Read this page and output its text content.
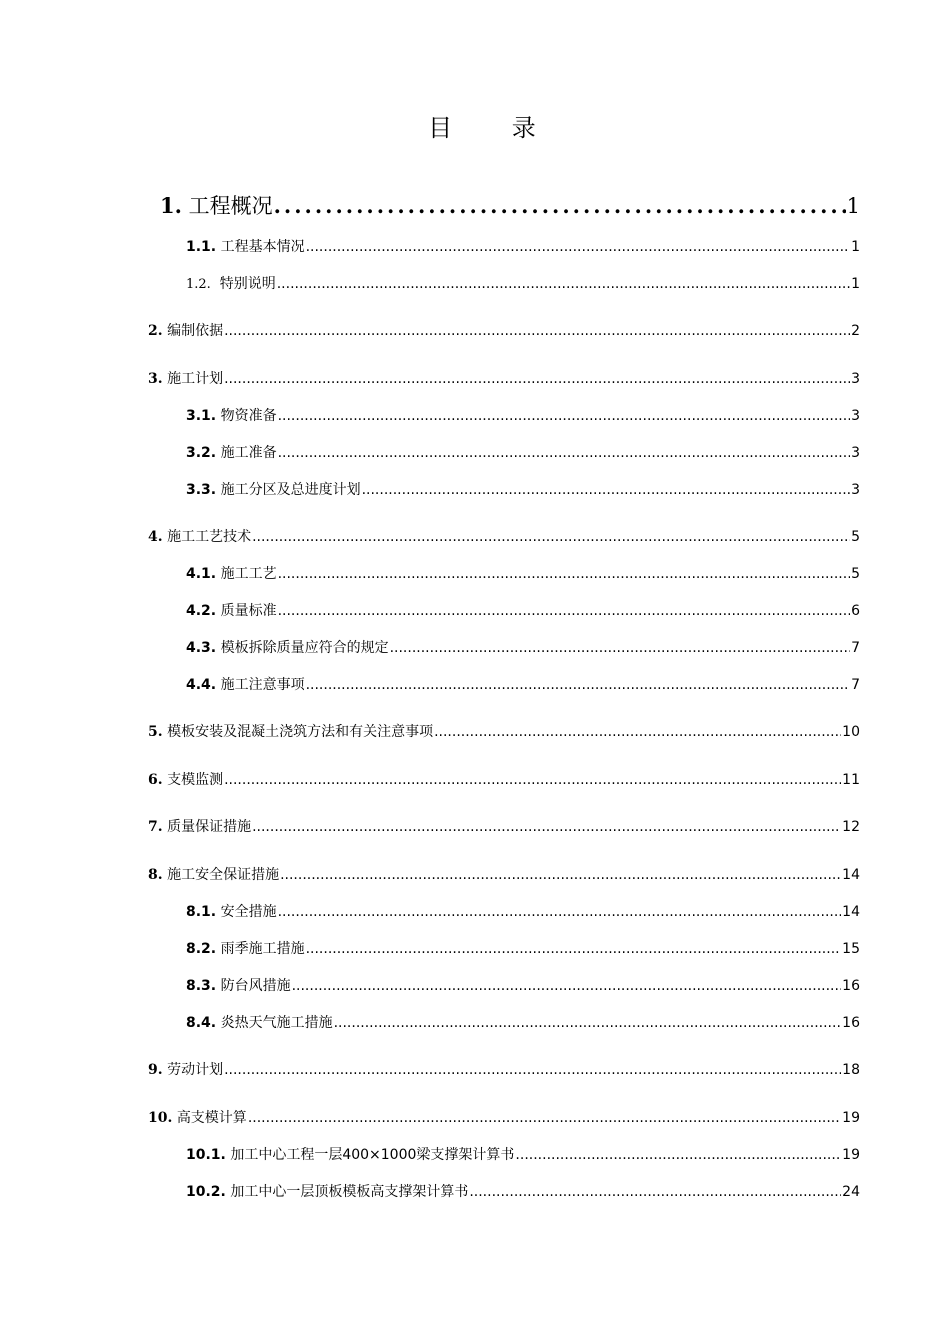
目 录
1. 工程概况 .....	1
1.1. 工程基本情况 .....	1
1.2. 特别说明 .....	1
2. 编制依据 .....	2
3. 施工计划 .....	3
3.1. 物资准备 .....	3
3.2. 施工准备 .....	3
3.3. 施工分区及总进度计划 .....	3
4. 施工工艺技术 .....	5
4.1. 施工工艺 .....	5
4.2. 质量标准 .....	6
4.3. 模板拆除质量应符合的规定 .....	7
4.4. 施工注意事项 .....	7
5. 模板安装及混凝土浇筑方法和有关注意事项 .....	10
6. 支模监测 .....	11
7. 质量保证措施 .....	12
8. 施工安全保证措施 .....	14
8.1. 安全措施 .....	14
8.2. 雨季施工措施 .....	15
8.3. 防台风措施 .....	16
8.4. 炎热天气施工措施 .....	16
9. 劳动计划 .....	18
10. 高支模计算 .....	19
10.1. 加工中心工程一层400×1000梁支撑架计算书 .....	19
10.2. 加工中心一层顶板模板高支撑架计算书 .....	24
